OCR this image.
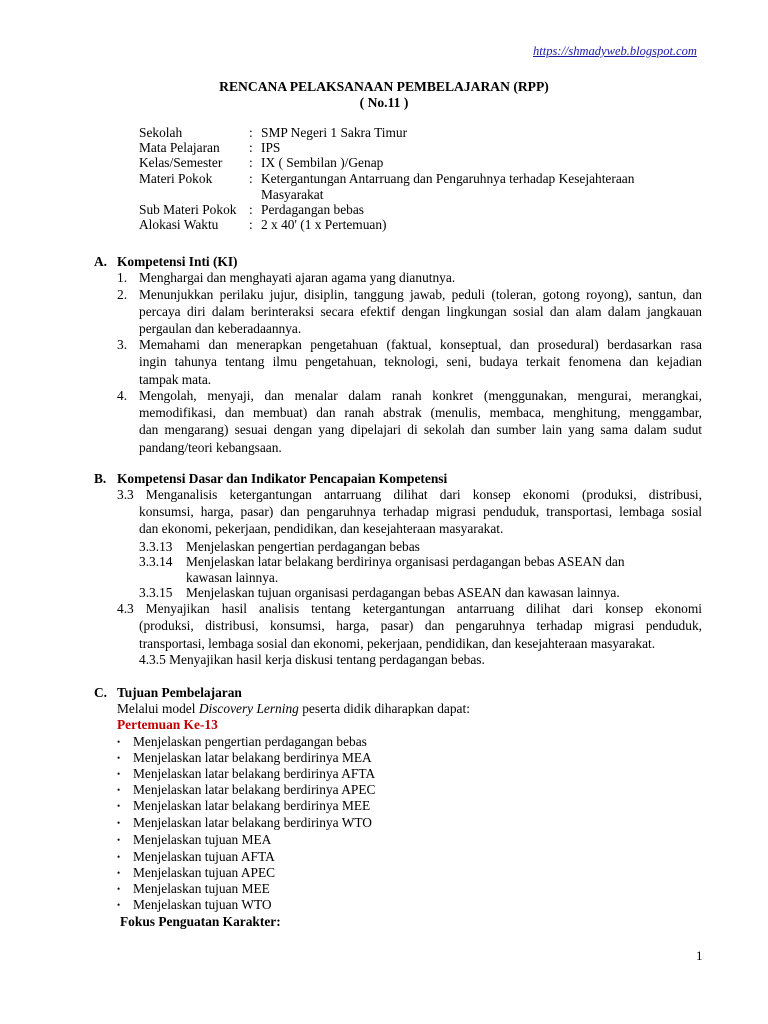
https://shmadyweb.blogspot.com
RENCANA PELAKSANAAN PEMBELAJARAN (RPP)
( No.11 )
Sekolah	: SMP Negeri 1 Sakra Timur
Mata Pelajaran : IPS
Kelas/Semester : IX ( Sembilan )/Genap
Materi Pokok	: Ketergantungan Antarruang dan Pengaruhnya terhadap Kesejahteraan
Masyarakat
Sub Materi Pokok : Perdagangan bebas
Alokasi Waktu : 2 x 40' (1 x Pertemuan)
A. Kompetensi Inti (KI)
1. Menghargai dan menghayati ajaran agama yang dianutnya.
2. Menunjukkan perilaku jujur, disiplin, tanggung jawab, peduli (toleran, gotong royong), santun, dan
percaya diri dalam berinteraksi secara efektif dengan lingkungan sosial dan alam dalam jangkauan
pergaulan dan keberadaannya.
3. Memahami dan menerapkan pengetahuan (faktual, konseptual, dan prosedural) berdasarkan rasa
ingin tahunya tentang ilmu pengetahuan, teknologi, seni, budaya terkait fenomena dan kejadian
tampak mata.
4. Mengolah, menyaji, dan menalar dalam ranah konkret (menggunakan, mengurai, merangkai,
memodifikasi, dan membuat) dan ranah abstrak (menulis, membaca, menghitung, menggambar,
dan mengarang) sesuai dengan yang dipelajari di sekolah dan sumber lain yang sama dalam sudut
pandang/teori kebangsaan.
B. Kompetensi Dasar dan Indikator Pencapaian Kompetensi
3.3 Menganalisis ketergantungan antarruang dilihat dari konsep ekonomi (produksi, distribusi,
konsumsi, harga, pasar) dan pengaruhnya terhadap migrasi penduduk, transportasi, lembaga sosial
dan ekonomi, pekerjaan, pendidikan, dan kesejahteraan masyarakat.
3.3.13 Menjelaskan pengertian perdagangan bebas
3.3.14 Menjelaskan latar belakang berdirinya organisasi perdagangan bebas ASEAN dan
kawasan lainnya.
3.3.15 Menjelaskan tujuan organisasi perdagangan bebas ASEAN dan kawasan lainnya.
4.3 Menyajikan hasil analisis tentang ketergantungan antarruang dilihat dari konsep ekonomi
(produksi, distribusi, konsumsi, harga, pasar) dan pengaruhnya terhadap migrasi penduduk,
transportasi, lembaga sosial dan ekonomi, pekerjaan, pendidikan, dan kesejahteraan masyarakat.
4.3.5 Menyajikan hasil kerja diskusi tentang perdagangan bebas.
C. Tujuan Pembelajaran
Melalui model Discovery Lerning peserta didik diharapkan dapat:
Pertemuan Ke-13
• Menjelaskan pengertian perdagangan bebas
• Menjelaskan latar belakang berdirinya MEA
• Menjelaskan latar belakang berdirinya AFTA
• Menjelaskan latar belakang berdirinya APEC
• Menjelaskan latar belakang berdirinya MEE
• Menjelaskan latar belakang berdirinya WTO
• Menjelaskan tujuan MEA
• Menjelaskan tujuan AFTA
• Menjelaskan tujuan APEC
• Menjelaskan tujuan MEE
• Menjelaskan tujuan WTO
Fokus Penguatan Karakter:
1
